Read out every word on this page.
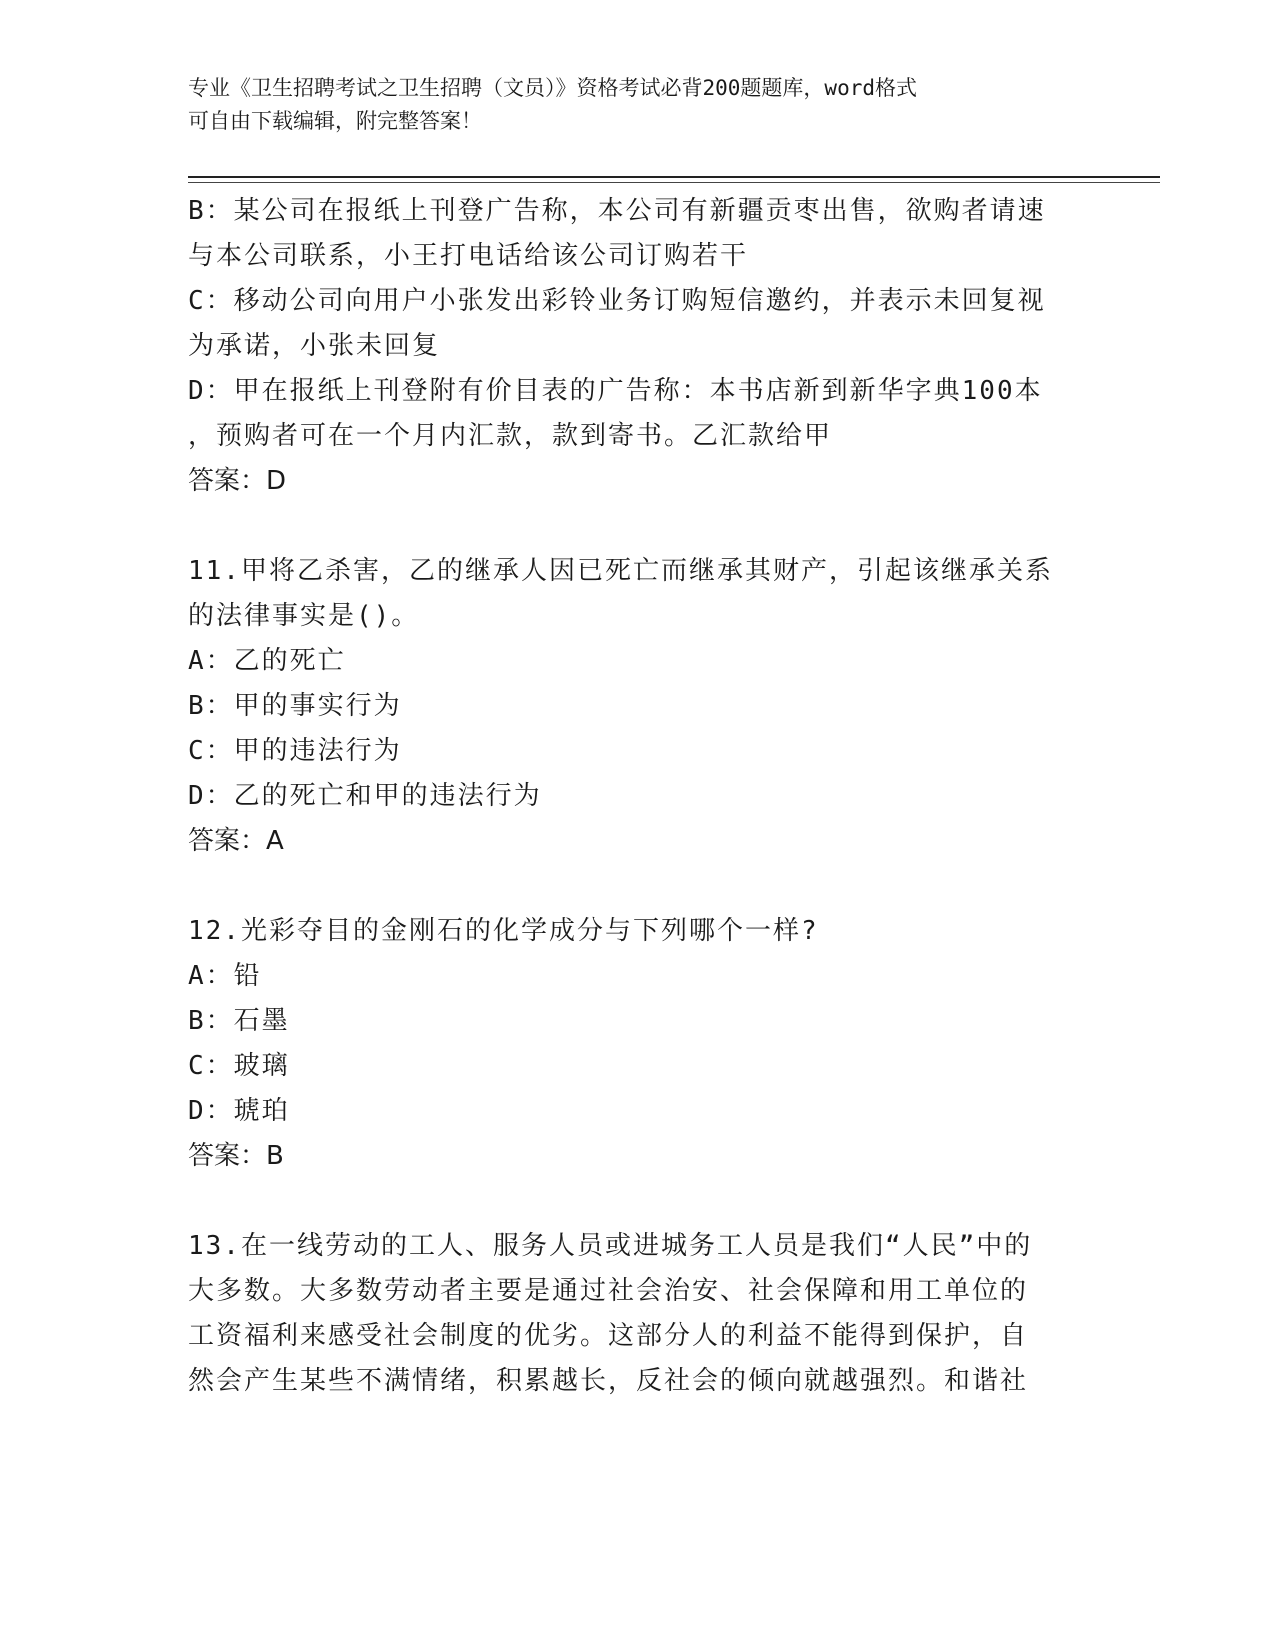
专业《卫生招聘考试之卫生招聘（文员）》资格考试必背200题题库，word格式
可自由下载编辑，附完整答案！

B：某公司在报纸上刊登广告称，本公司有新疆贡枣出售，欲购者请速

与本公司联系，小王打电话给该公司订购若干

C：移动公司向用户小张发出彩铃业务订购短信邀约，并表示未回复视

为承诺，小张未回复

D：甲在报纸上刊登附有价目表的广告称：本书店新到新华字典100本

，预购者可在一个月内汇款，款到寄书。乙汇款给甲

答案：D

11.甲将乙杀害，乙的继承人因已死亡而继承其财产，引起该继承关系

的法律事实是()。

A：乙的死亡

B：甲的事实行为

C：甲的违法行为

D：乙的死亡和甲的违法行为

答案：A

12.光彩夺目的金刚石的化学成分与下列哪个一样?

A：铅

B：石墨

C：玻璃

D：琥珀

答案：B

13.在一线劳动的工人、服务人员或进城务工人员是我们“人民”中的

大多数。大多数劳动者主要是通过社会治安、社会保障和用工单位的

工资福利来感受社会制度的优劣。这部分人的利益不能得到保护，自

然会产生某些不满情绪，积累越长，反社会的倾向就越强烈。和谐社
